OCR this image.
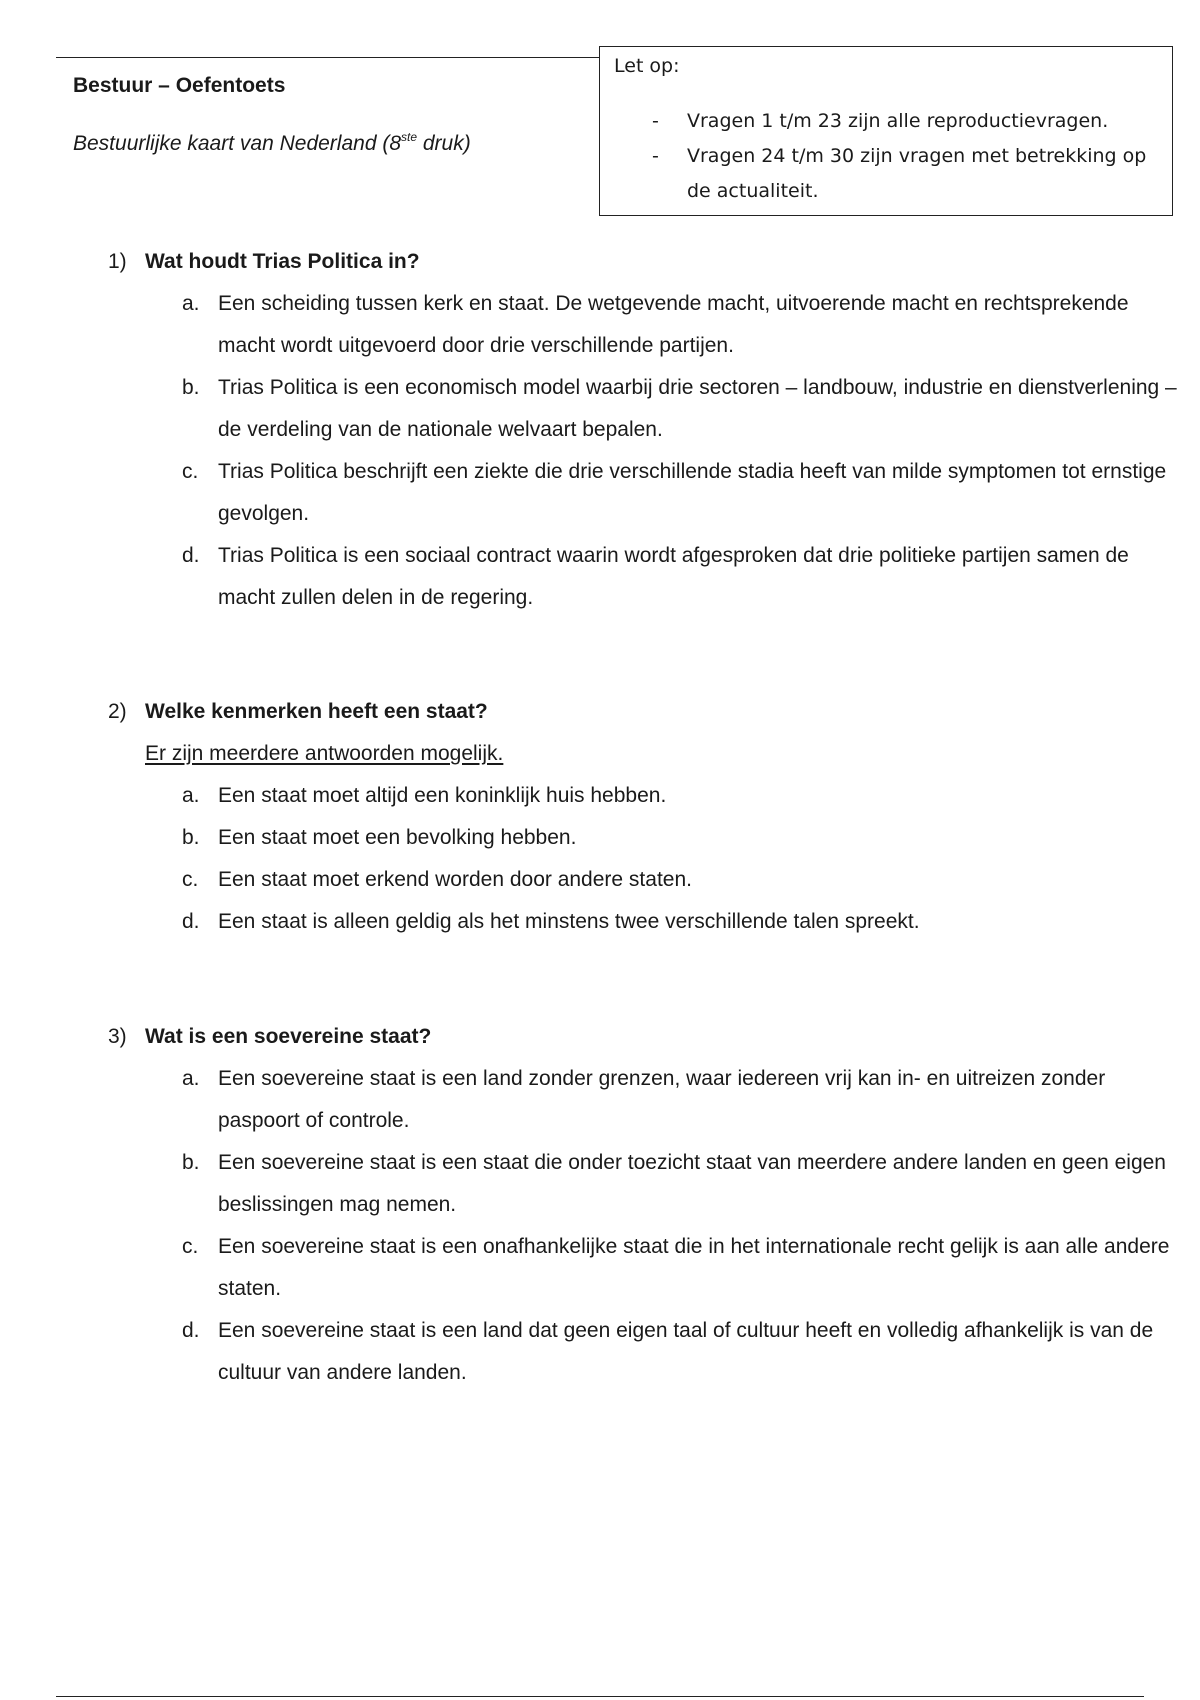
Bestuur – Oefentoets
Bestuurlijke kaart van Nederland (8ste druk)
Let op:
- Vragen 1 t/m 23 zijn alle reproductievragen.
- Vragen 24 t/m 30 zijn vragen met betrekking op de actualiteit.
1) Wat houdt Trias Politica in?
a. Een scheiding tussen kerk en staat. De wetgevende macht, uitvoerende macht en rechtsprekende macht wordt uitgevoerd door drie verschillende partijen.
b. Trias Politica is een economisch model waarbij drie sectoren – landbouw, industrie en dienstverlening – de verdeling van de nationale welvaart bepalen.
c. Trias Politica beschrijft een ziekte die drie verschillende stadia heeft van milde symptomen tot ernstige gevolgen.
d. Trias Politica is een sociaal contract waarin wordt afgesproken dat drie politieke partijen samen de macht zullen delen in de regering.
2) Welke kenmerken heeft een staat?
Er zijn meerdere antwoorden mogelijk.
a. Een staat moet altijd een koninklijk huis hebben.
b. Een staat moet een bevolking hebben.
c. Een staat moet erkend worden door andere staten.
d. Een staat is alleen geldig als het minstens twee verschillende talen spreekt.
3) Wat is een soevereine staat?
a. Een soevereine staat is een land zonder grenzen, waar iedereen vrij kan in- en uitreizen zonder paspoort of controle.
b. Een soevereine staat is een staat die onder toezicht staat van meerdere andere landen en geen eigen beslissingen mag nemen.
c. Een soevereine staat is een onafhankelijke staat die in het internationale recht gelijk is aan alle andere staten.
d. Een soevereine staat is een land dat geen eigen taal of cultuur heeft en volledig afhankelijk is van de cultuur van andere landen.
